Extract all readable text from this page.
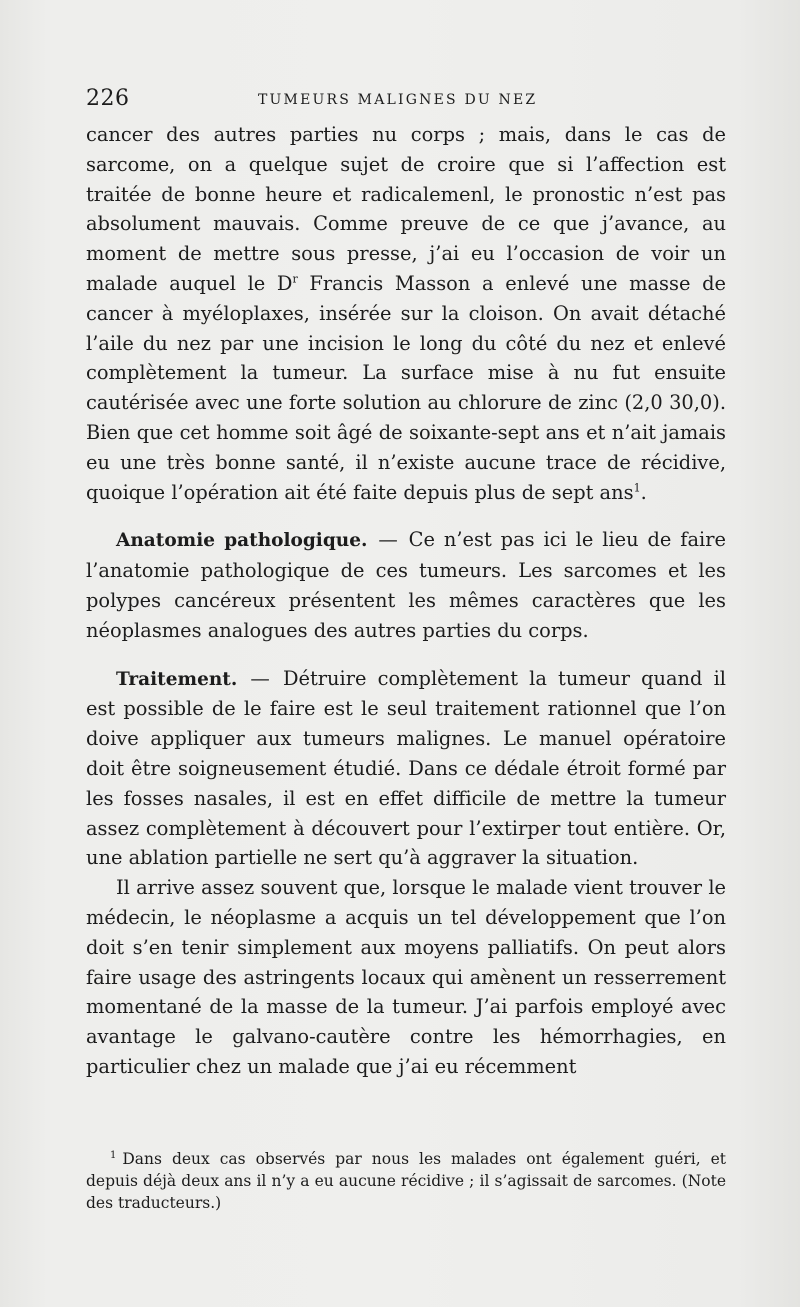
226	TUMEURS MALIGNES DU NEZ

cancer des autres parties nu corps ; mais, dans le cas de sarcome, on a quelque sujet de croire que si l’affection est traitée de bonne heure et radicalemenl, le pronostic n’est pas absolument mauvais. Comme preuve de ce que j’avance, au moment de mettre sous presse, j’ai eu l’occasion de voir un malade auquel le $D^r$ Francis Masson a enlevé une masse de cancer à myéloplaxes, insérée sur la cloison. On avait détaché l’aile du nez par une incision le long du côté du nez et enlevé complètement la tumeur. La surface mise à nu fut ensuite cautérisée avec une forte solution au chlorure de zinc (2,0 30,0). Bien que cet homme soit âgé de soixante-sept ans et n’ait jamais eu une très bonne santé, il n’existe aucune trace de récidive, quoique l’opération ait été faite depuis plus de sept ans$^1$.

Anatomie pathologique. — Ce n’est pas ici le lieu de faire l’anatomie pathologique de ces tumeurs. Les sarcomes et les polypes cancéreux présentent les mêmes caractères que les néoplasmes analogues des autres parties du corps.

Traitement. — Détruire complètement la tumeur quand il est possible de le faire est le seul traitement rationnel que l’on doive appliquer aux tumeurs malignes. Le manuel opératoire doit être soigneusement étudié. Dans ce dédale étroit formé par les fosses nasales, il est en effet difficile de mettre la tumeur assez complètement à découvert pour l’extirper tout entière. Or, une ablation partielle ne sert qu’à aggraver la situation.

Il arrive assez souvent que, lorsque le malade vient trouver le médecin, le néoplasme a acquis un tel développement que l’on doit s’en tenir simplement aux moyens palliatifs. On peut alors faire usage des astringents locaux qui amènent un resserrement momentané de la masse de la tumeur. J’ai parfois employé avec avantage le galvano-cautère contre les hémorrhagies, en particulier chez un malade que j’ai eu récemment

$^1$ Dans deux cas observés par nous les malades ont également guéri, et depuis déjà deux ans il n’y a eu aucune récidive ; il s’agissait de sarcomes. (Note des traducteurs.)
